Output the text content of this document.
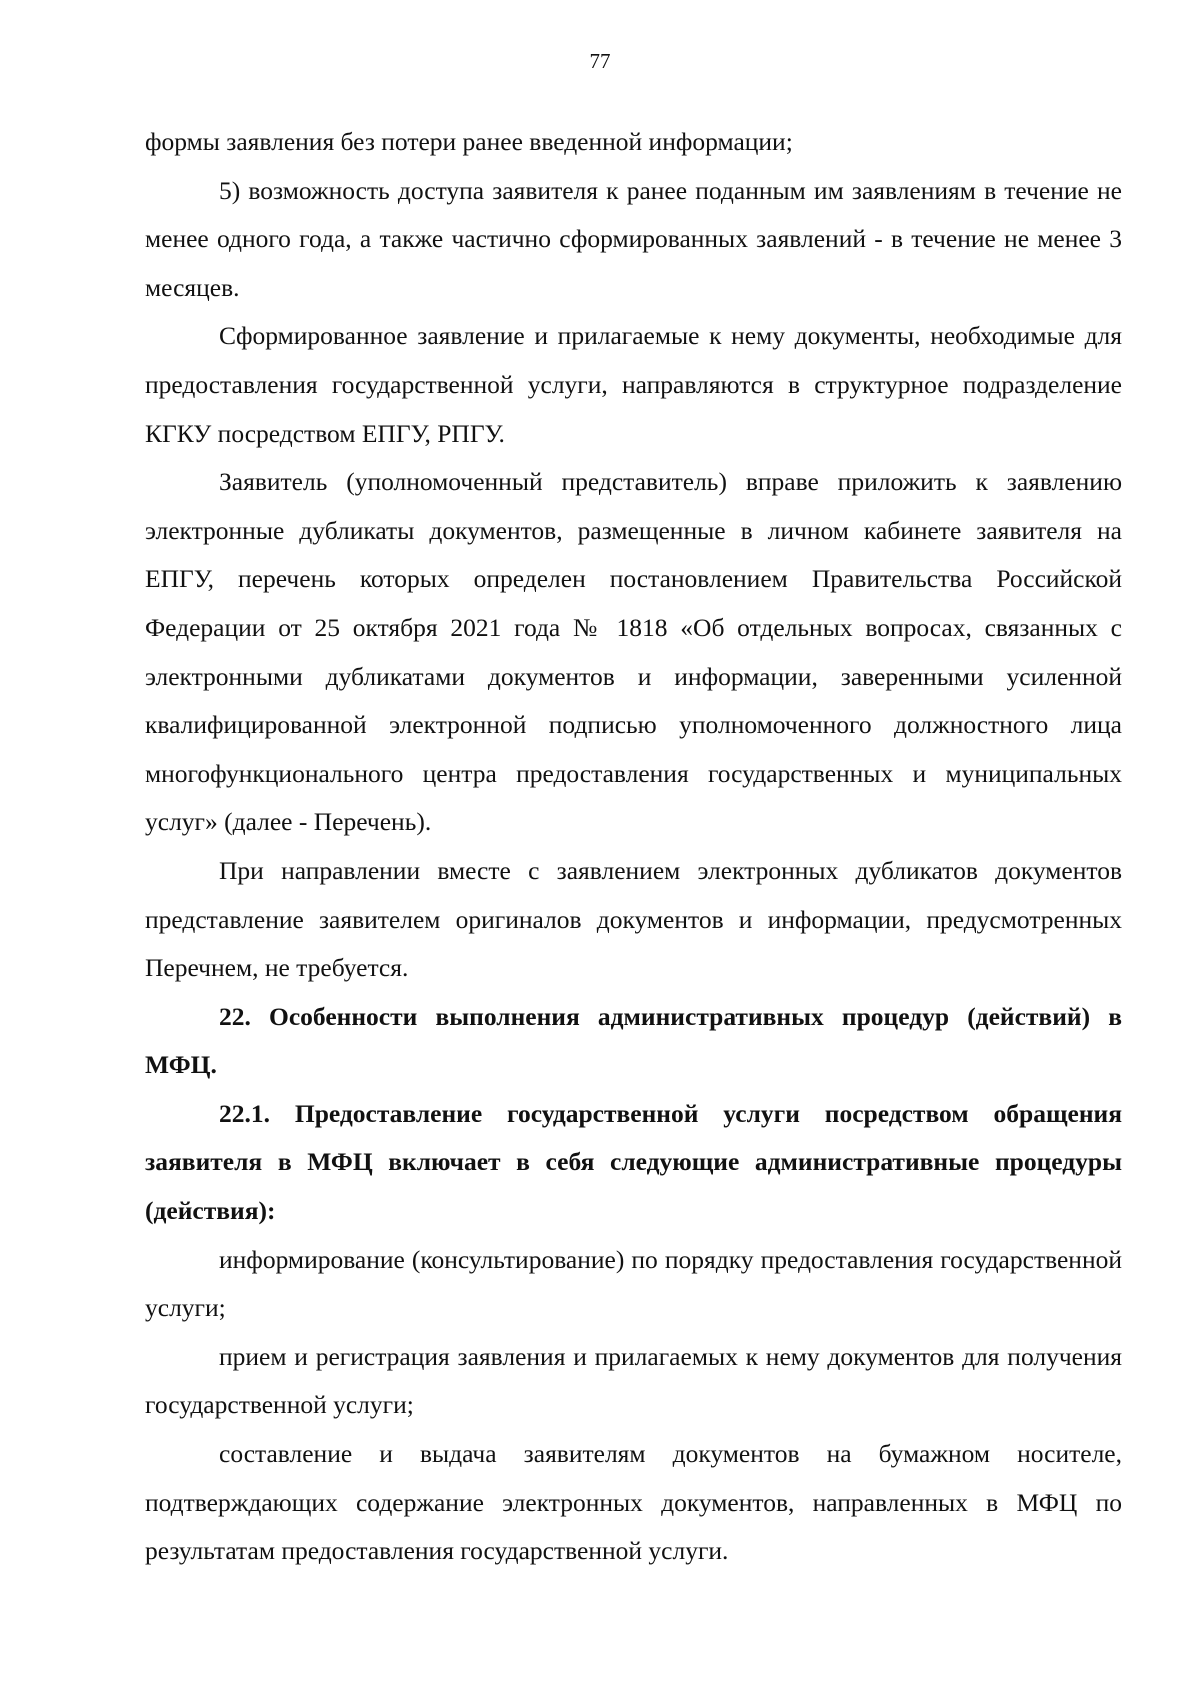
77

формы заявления без потери ранее введенной информации;

5) возможность доступа заявителя к ранее поданным им заявлениям в течение не менее одного года, а также частично сформированных заявлений - в течение не менее 3 месяцев.

Сформированное заявление и прилагаемые к нему документы, необходимые для предоставления государственной услуги, направляются в структурное подразделение КГКУ посредством ЕПГУ, РПГУ.

Заявитель (уполномоченный представитель) вправе приложить к заявлению электронные дубликаты документов, размещенные в личном кабинете заявителя на ЕПГУ, перечень которых определен постановлением Правительства Российской Федерации от 25 октября 2021 года № 1818 «Об отдельных вопросах, связанных с электронными дубликатами документов и информации, заверенными усиленной квалифицированной электронной подписью уполномоченного должностного лица многофункционального центра предоставления государственных и муниципальных услуг» (далее - Перечень).

При направлении вместе с заявлением электронных дубликатов документов представление заявителем оригиналов документов и информации, предусмотренных Перечнем, не требуется.

22. Особенности выполнения административных процедур (действий) в МФЦ.

22.1. Предоставление государственной услуги посредством обращения заявителя в МФЦ включает в себя следующие административные процедуры (действия):

информирование (консультирование) по порядку предоставления государственной услуги;

прием и регистрация заявления и прилагаемых к нему документов для получения государственной услуги;

составление и выдача заявителям документов на бумажном носителе, подтверждающих содержание электронных документов, направленных в МФЦ по результатам предоставления государственной услуги.
